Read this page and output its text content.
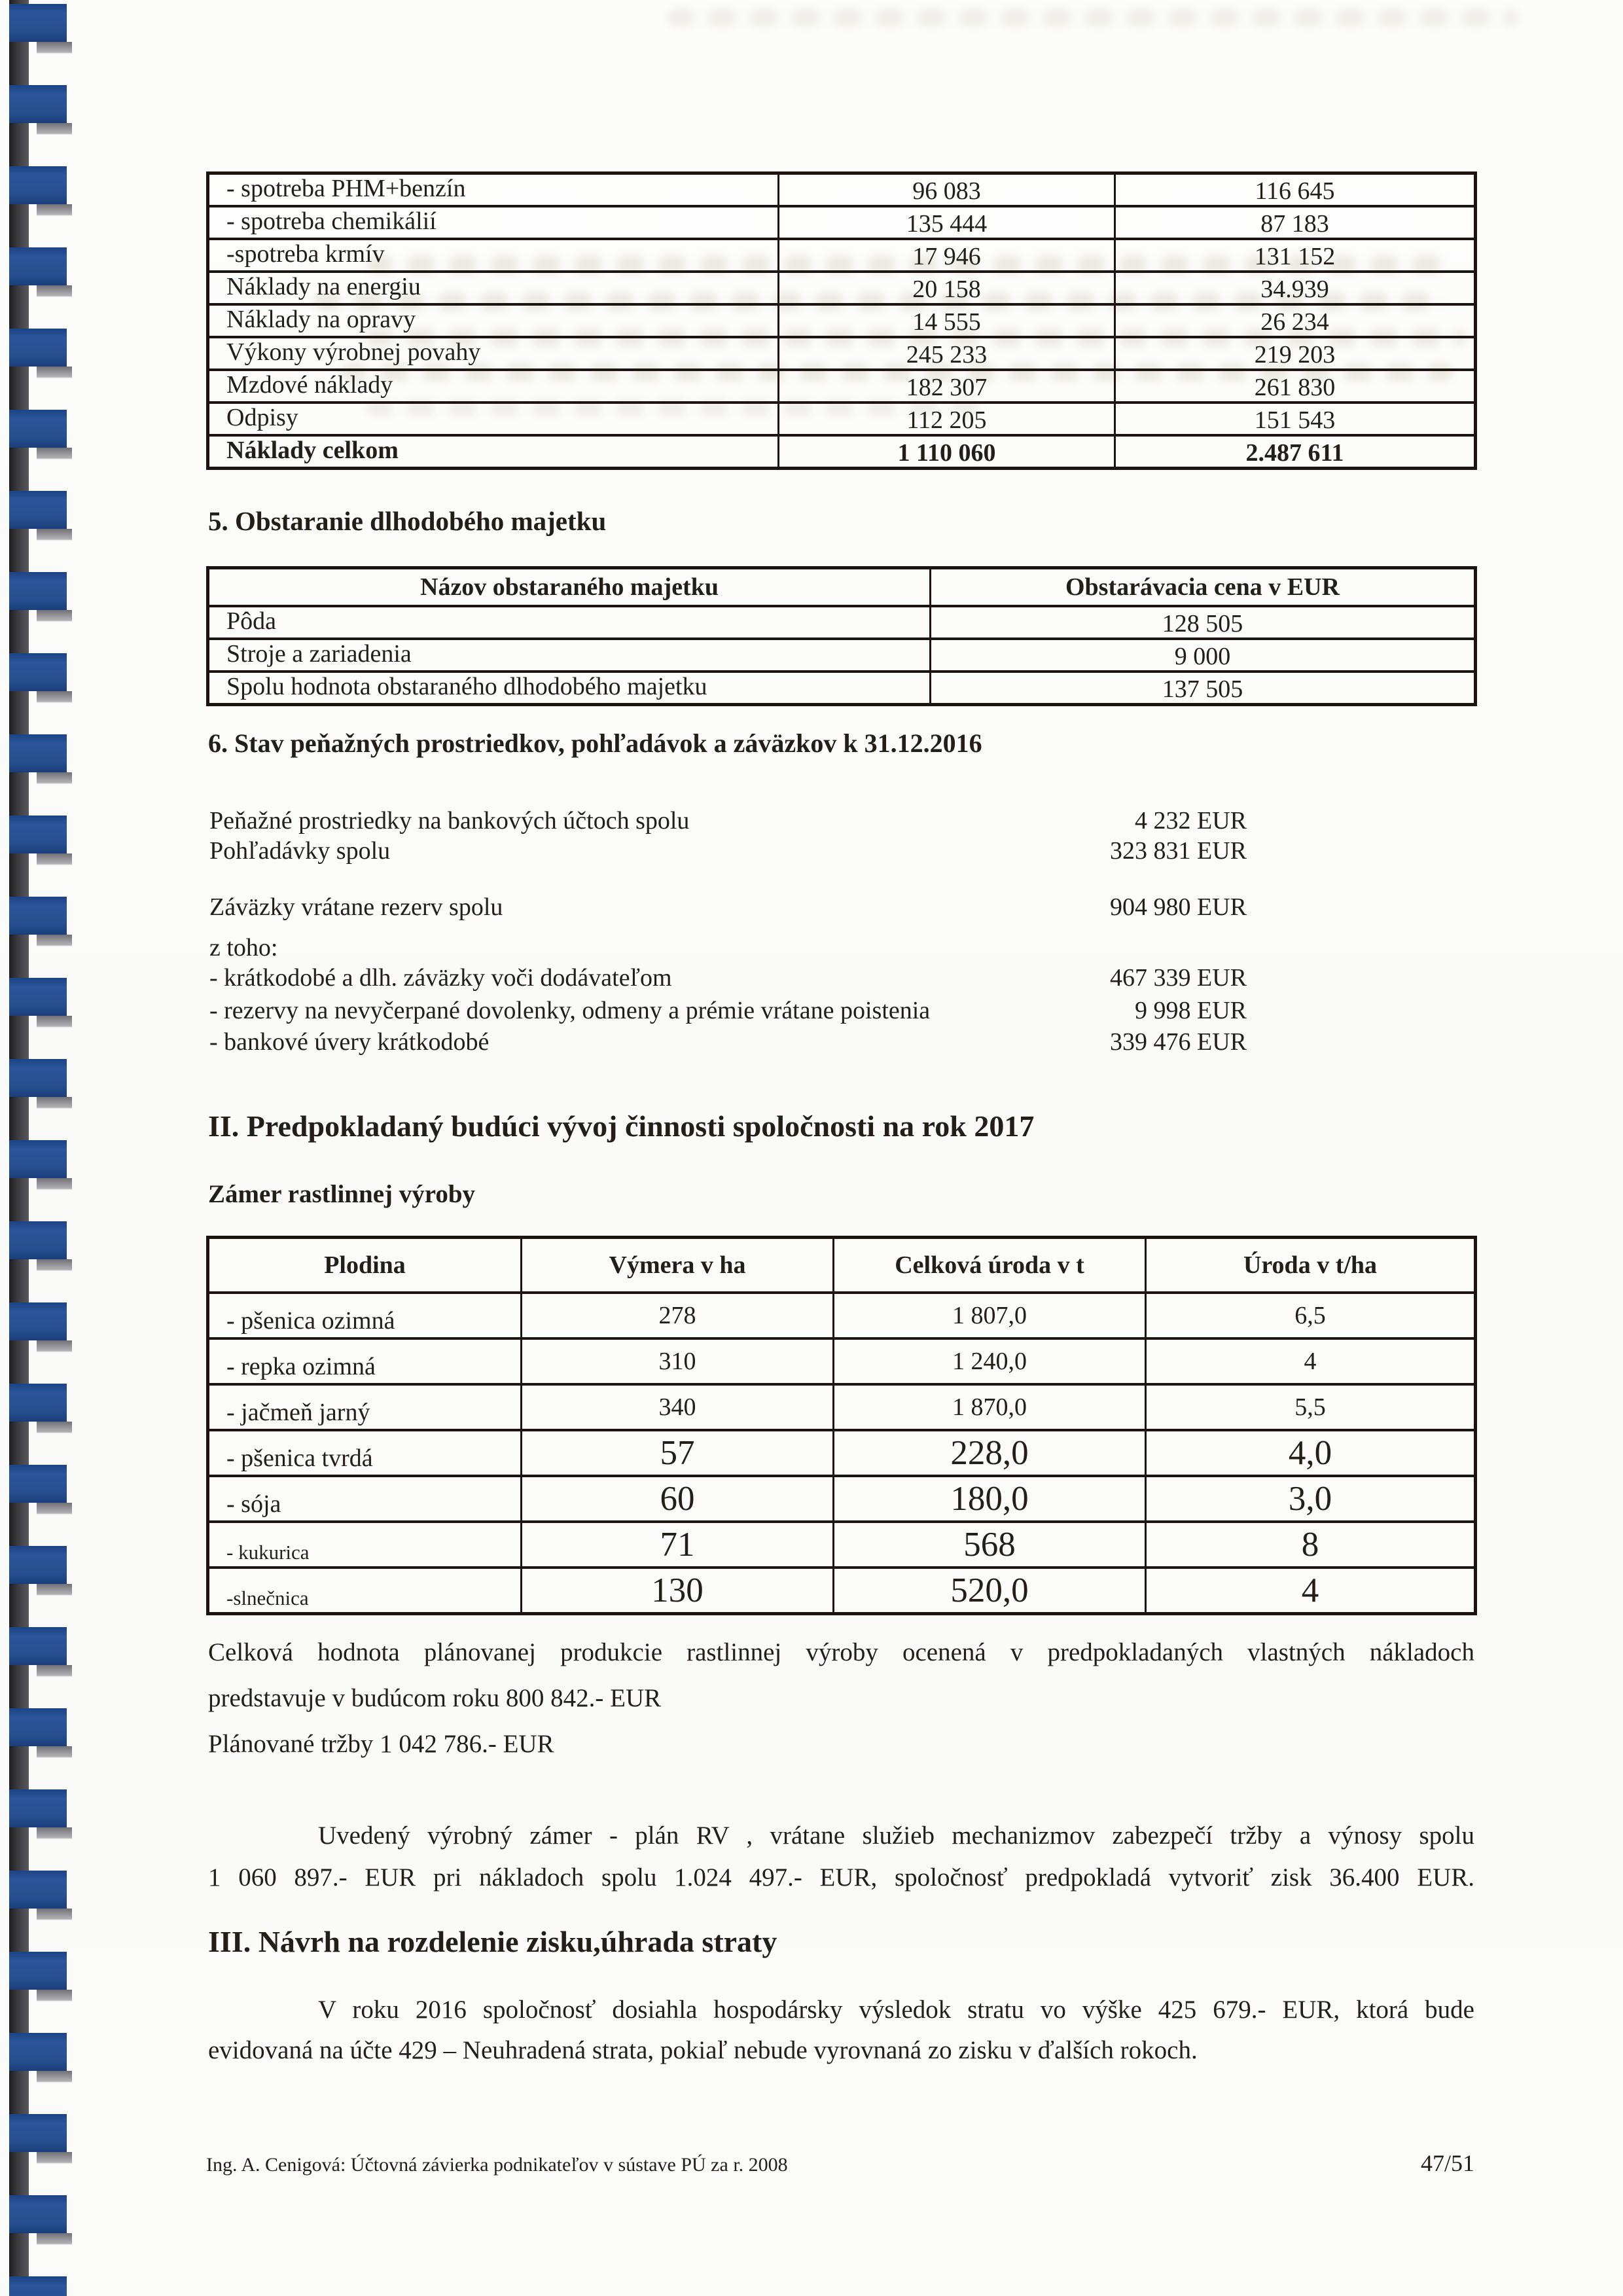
- spotreba PHM+benzín	96 083	116 645
- spotreba chemikálií	135 444	87 183
-spotreba krmív	17 946	131 152
Náklady na energiu	20 158	34.939
Náklady na opravy	14 555	26 234
Výkony výrobnej povahy	245 233	219 203
Mzdové náklady	182 307	261 830
Odpisy	112 205	151 543
Náklady celkom	1 110 060	2.487 611
5. Obstaranie dlhodobého majetku
Názov obstaraného majetku	Obstarávacia cena v EUR
Pôda	128 505
Stroje a zariadenia	9 000
Spolu hodnota obstaraného dlhodobého majetku	137 505
6. Stav peňažných prostriedkov, pohľadávok a záväzkov k 31.12.2016
Peňažné prostriedky na bankových účtoch spolu	4 232 EUR
Pohľadávky spolu	323 831 EUR
Záväzky vrátane rezerv spolu	904 980 EUR
z toho:
- krátkodobé a dlh. záväzky voči dodávateľom	467 339 EUR
- rezervy na nevyčerpané dovolenky, odmeny a prémie vrátane poistenia	9 998 EUR
- bankové úvery krátkodobé	339 476 EUR
II. Predpokladaný budúci vývoj činnosti spoločnosti na rok 2017
Zámer rastlinnej výroby
Plodina	Výmera v ha	Celková úroda v t	Úroda v t/ha
- pšenica ozimná	278	1 807,0	6,5
- repka ozimná	310	1 240,0	4
- jačmeň jarný	340	1 870,0	5,5
- pšenica tvrdá	57	228,0	4,0
- sója	60	180,0	3,0
- kukurica	71	568	8
-slnečnica	130	520,0	4
Celková hodnota plánovanej produkcie rastlinnej výroby ocenená v predpokladaných vlastných nákladoch
predstavuje v budúcom roku 800 842.- EUR
Plánované tržby 1 042 786.- EUR
Uvedený výrobný zámer - plán RV , vrátane služieb mechanizmov zabezpečí tržby a výnosy spolu
1 060 897.- EUR pri nákladoch spolu 1.024 497.- EUR, spoločnosť predpokladá vytvoriť zisk 36.400 EUR.
III. Návrh na rozdelenie zisku,úhrada straty
V roku 2016 spoločnosť dosiahla hospodársky výsledok stratu vo výške 425 679.- EUR, ktorá bude
evidovaná na účte 429 – Neuhradená strata, pokiaľ nebude vyrovnaná zo zisku v ďalších rokoch.
Ing. A. Cenigová: Účtovná závierka podnikateľov v sústave PÚ za r. 2008	47/51
